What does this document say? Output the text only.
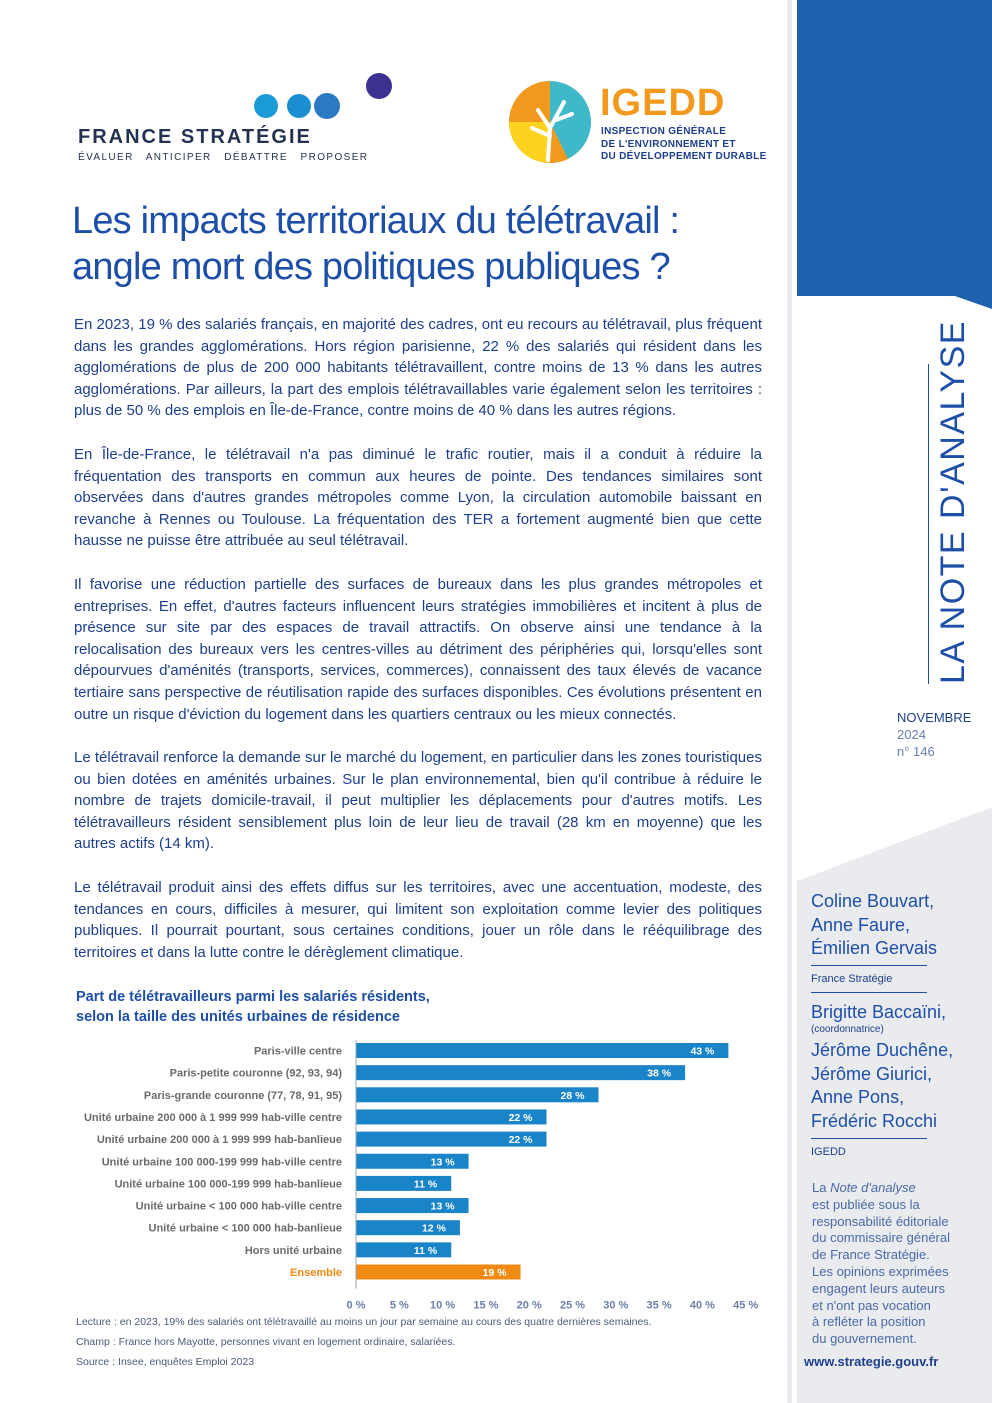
FRANCE STRATÉGIE
ÉVALUER   ANTICIPER   DÉBATTRE   PROPOSER
IGEDD
INSPECTION GÉNÉRALE
DE L'ENVIRONNEMENT ET
DU DÉVELOPPEMENT DURABLE
Les impacts territoriaux du télétravail :
angle mort des politiques publiques ?

En 2023, 19 % des salariés français, en majorité des cadres, ont eu recours au télétravail, plus fréquent dans les grandes agglomérations. Hors région parisienne, 22 % des salariés qui résident dans les agglomérations de plus de 200 000 habitants télétravaillent, contre moins de 13 % dans les autres agglomérations. Par ailleurs, la part des emplois télétravaillables varie également selon les territoires : plus de 50 % des emplois en Île-de-France, contre moins de 40 % dans les autres régions.

En Île-de-France, le télétravail n'a pas diminué le trafic routier, mais il a conduit à réduire la fréquentation des transports en commun aux heures de pointe. Des tendances similaires sont observées dans d'autres grandes métropoles comme Lyon, la circulation automobile baissant en revanche à Rennes ou Toulouse. La fréquentation des TER a fortement augmenté bien que cette hausse ne puisse être attribuée au seul télétravail.

Il favorise une réduction partielle des surfaces de bureaux dans les plus grandes métropoles et entreprises. En effet, d'autres facteurs influencent leurs stratégies immobilières et incitent à plus de présence sur site par des espaces de travail attractifs. On observe ainsi une tendance à la relocalisation des bureaux vers les centres-villes au détriment des périphéries qui, lorsqu'elles sont dépourvues d'aménités (transports, services, commerces), connaissent des taux élevés de vacance tertiaire sans perspective de réutilisation rapide des surfaces disponibles. Ces évolutions présentent en outre un risque d'éviction du logement dans les quartiers centraux ou les mieux connectés.

Le télétravail renforce la demande sur le marché du logement, en particulier dans les zones touristiques ou bien dotées en aménités urbaines. Sur le plan environnemental, bien qu'il contribue à réduire le nombre de trajets domicile-travail, il peut multiplier les déplacements pour d'autres motifs. Les télétravailleurs résident sensiblement plus loin de leur lieu de travail (28 km en moyenne) que les autres actifs (14 km).

Le télétravail produit ainsi des effets diffus sur les territoires, avec une accentuation, modeste, des tendances en cours, difficiles à mesurer, qui limitent son exploitation comme levier des politiques publiques. Il pourrait pourtant, sous certaines conditions, jouer un rôle dans le rééquilibrage des territoires et dans la lutte contre le dérèglement climatique.

LA NOTE D'ANALYSE
NOVEMBRE
2024
n° 146
Coline Bouvart,
Anne Faure,
Émilien Gervais
France Stratégie
Brigitte Baccaïni,
(coordonnatrice)
Jérôme Duchêne,
Jérôme Giurici,
Anne Pons,
Frédéric Rocchi
IGEDD
La Note d'analyse
est publiée sous la
responsabilité éditoriale
du commissaire général
de France Stratégie.
Les opinions exprimées
engagent leurs auteurs
et n'ont pas vocation
à refléter la position
du gouvernement.
www.strategie.gouv.fr
Part de télétravailleurs parmi les salariés résidents,
selon la taille des unités urbaines de résidence
Paris-ville centre	43 %
Paris-petite couronne (92, 93, 94)	38 %
Paris-grande couronne (77, 78, 91, 95)	28 %
Unité urbaine 200 000 à 1 999 999 hab-ville centre	22 %
Unité urbaine 200 000 à 1 999 999 hab-banlieue	22 %
Unité urbaine 100 000-199 999 hab-ville centre	13 %
Unité urbaine 100 000-199 999 hab-banlieue	11 %
Unité urbaine < 100 000 hab-ville centre	13 %
Unité urbaine < 100 000 hab-banlieue	12 %
Hors unité urbaine	11 %
Ensemble	19 %
0 % 5 % 10 % 15 % 20 % 25 % 30 % 35 % 40 % 45 %
Lecture : en 2023, 19% des salariés ont télétravaillé au moins un jour par semaine au cours des quatre dernières semaines.
Champ : France hors Mayotte, personnes vivant en logement ordinaire, salariées.
Source : Insee, enquêtes Emploi 2023
